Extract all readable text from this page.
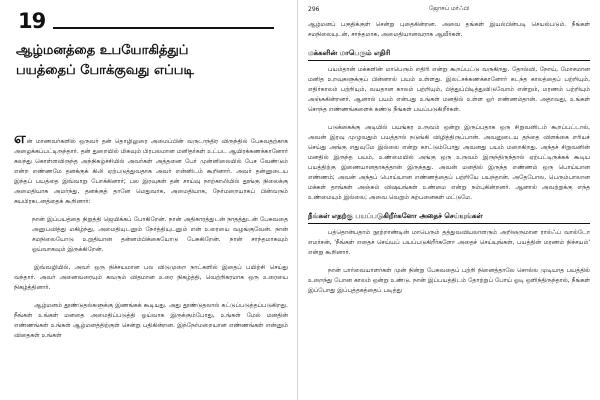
19
ஆழ்மனத்தை உபயோகித்துப்
பயத்தைப் போக்குவது எப்படி

என் மாணவர்களில் ஒருவர் தன் தொழிலுரை அமைப்பின் வருடாந்திர விருந்தில் பேசுவதற்காக அழைக்கப்பட்டிருந்தார். தன் துறையில் மிகவும் பிரபலமான மனிதர்கள் உட்பட ஆயிரக்கணக்கானோர் கலந்து கொள்ளவிருந்த அந்நிகழ்ச்சியில் அவர்கள் அத்தனை பேர் முன்னிலையில் பேச வேண்டும் என்ற எண்ணமே தனக்குக் கிலி ஏற்படுத்துவதாக அவர் என்னிடம் கூறினார். அவர் தன்னுடைய இந்தப் பயத்தை இவ்வாறு போக்கினார்; பல இரவுகள் தன் சாய்வு நாற்காலியில் தூங்கு நிலைக்கு அமைதியாக அமர்ந்து, தனக்குத் தானே மெதுவாக, அமைதியாக, நேர்மறையாகப் பின்வரும் சுயபிரகடனத்தைக் கூறினார்:

நான் இப்பயத்தை நிறுத்தி ஜெயிக்கப் போகிறேன். நான் அதிகாரத்துடன் நாதத்துடன் பேசுவதை அனுபவித்து மகிழ்ந்து, அமைதியுடனும் நேர்த்தியுடனும் என் உரையை வழங்குவேன். நான் சமநிலையோடு உறுதியான தன்னம்பிக்கையோடு பேசுகிறேன். நான் சாந்தமாகவும் ஓய்வாகவும் இருக்கிறேன்.

இவ்வழியில், அவர் ஒரு நிச்சயமான பல விடுமுறை நாட்களில் இதைப் பயிற்சி செய்து வந்தார். அவர் அனைவரையும் கவரும் விதமான உரை நிகழ்த்தி, வெற்றிகரமாக ஒரு உரையை நிகழ்த்தினார்.

ஆழ்மனம் தூண்டுதல்களுக்கு இணங்கக் கூடியது. அது தூண்டுதலால் கட்டுப்படுத்தப்படுகிறது. நீங்கள் உங்கள் மனதை அமைதிப்படுத்தி ஓய்வாக இருக்கும்போது, உங்கள் மேல் மனதின் எண்ணங்கள் உங்கள் ஆழ்மனத்திற்குள் சென்று பதிகின்றன. இந்நேர்மறையான எண்ணங்கள் என்னும் விதைகள் உங்கள்

296	ஜோசப் மர்ஃபி

ஆழ்மனப் பகுதிக்குள் சென்று புதைகின்றன. அவை தங்கள் இயல்பின்படி செயல்படும். நீங்கள் சமநிலையுடன், சாந்தமாக, அமைதியானவராக ஆவீர்கள்.

மக்களின் மாபெரும் எதிரி

பயம்தான் மக்களின் மாபெரும் எதிரி என்று கூறப்பட்டு வருகிறது. தோல்வி, நோய், மோசமான மனித உறவுகளுக்குப் பின்னால் பயம் உள்ளது. இலட்சக்கணக்கானோர் கடந்த காலத்தைப் பற்றியும், எதிர்காலம் பற்றியும், வயதான காலம் பற்றியும், பித்துப்பிடித்துவிடுவோம் என்றும், மரணம் பற்றியும் அஞ்சுகின்றனர். ஆனால் பயம் என்பது உங்கள் மனதில் உள்ள ஓர் எண்ணம்தான். அதாவது, உங்கள் சொந்த எண்ணங்களைக் கண்டு நீங்கள் பயப்படுகிறீர்கள்.

படுக்கைக்கு அடியில் பயங்கர உருவம் ஒன்று இருப்பதாக ஒரு சிறுவனிடம் கூறப்பட்டால், அவன் இரவு முழுவதும் பயத்தால் நடுங்கி விழித்திருப்பான். அவனுடைய தந்தை விளக்கை எரியச் செய்து அங்கு எதுவுமே இல்லை என்று காட்டும்போது அவனது பயம் மறைகிறது. அந்தச் சிறுவனின் மனதில் இருந்த பயம், உண்மையில் அங்கு ஒரு உருவம் இருந்திருந்தால் ஏற்பட்டிருக்கக் கூடிய பயத்திற்கு இணையானதாகத்தான் இருந்தது. அவன் மனதில் இருந்த எண்ணம் ஒரு பொய்யான எண்ணம்; அவன் அந்தப் பொய்யான எண்ணத்தைப் பற்றியே பயந்தான். அதேபோல, பெரும்பாலான மக்கள் தாங்கள் அஞ்சும் விஷயங்கள் உண்மை என்று நம்புகின்றனர். ஆனால் அவற்றுக்கு எந்த உண்மையும் இல்லை; அவை வெறும் கற்பனைகள் மட்டுமே.

நீங்கள் எதற்கு பயப்படுகிறீர்களோ அதைச் செய்யுங்கள்

பத்தொன்பதாம் நூற்றாண்டின் மாபெரும் தத்துவவியலாளரும் அறிஞருமான ரால்ஃப் வால்டோ எமர்சன், 'நீங்கள் எதைச் செய்யப் பயப்படுகிறீர்களோ அதைச் செய்யுங்கள், பயத்தின் மரணம் நிச்சயம்' என்று கூறினார்.

நான் பார்வையாளர்கள் முன் நின்று பேசுவதைப் பற்றி நினைத்தாலே சொல்ல முடியாத பயத்தில் உறைந்து போன காலம் ஒன்று உண்டு. நான் இப்பயத்திடம் தோற்றுப் போய் ஓடி ஒளிந்திருந்தால், நீங்கள் இப்போது இப்புத்தகத்தைப் படித்து
